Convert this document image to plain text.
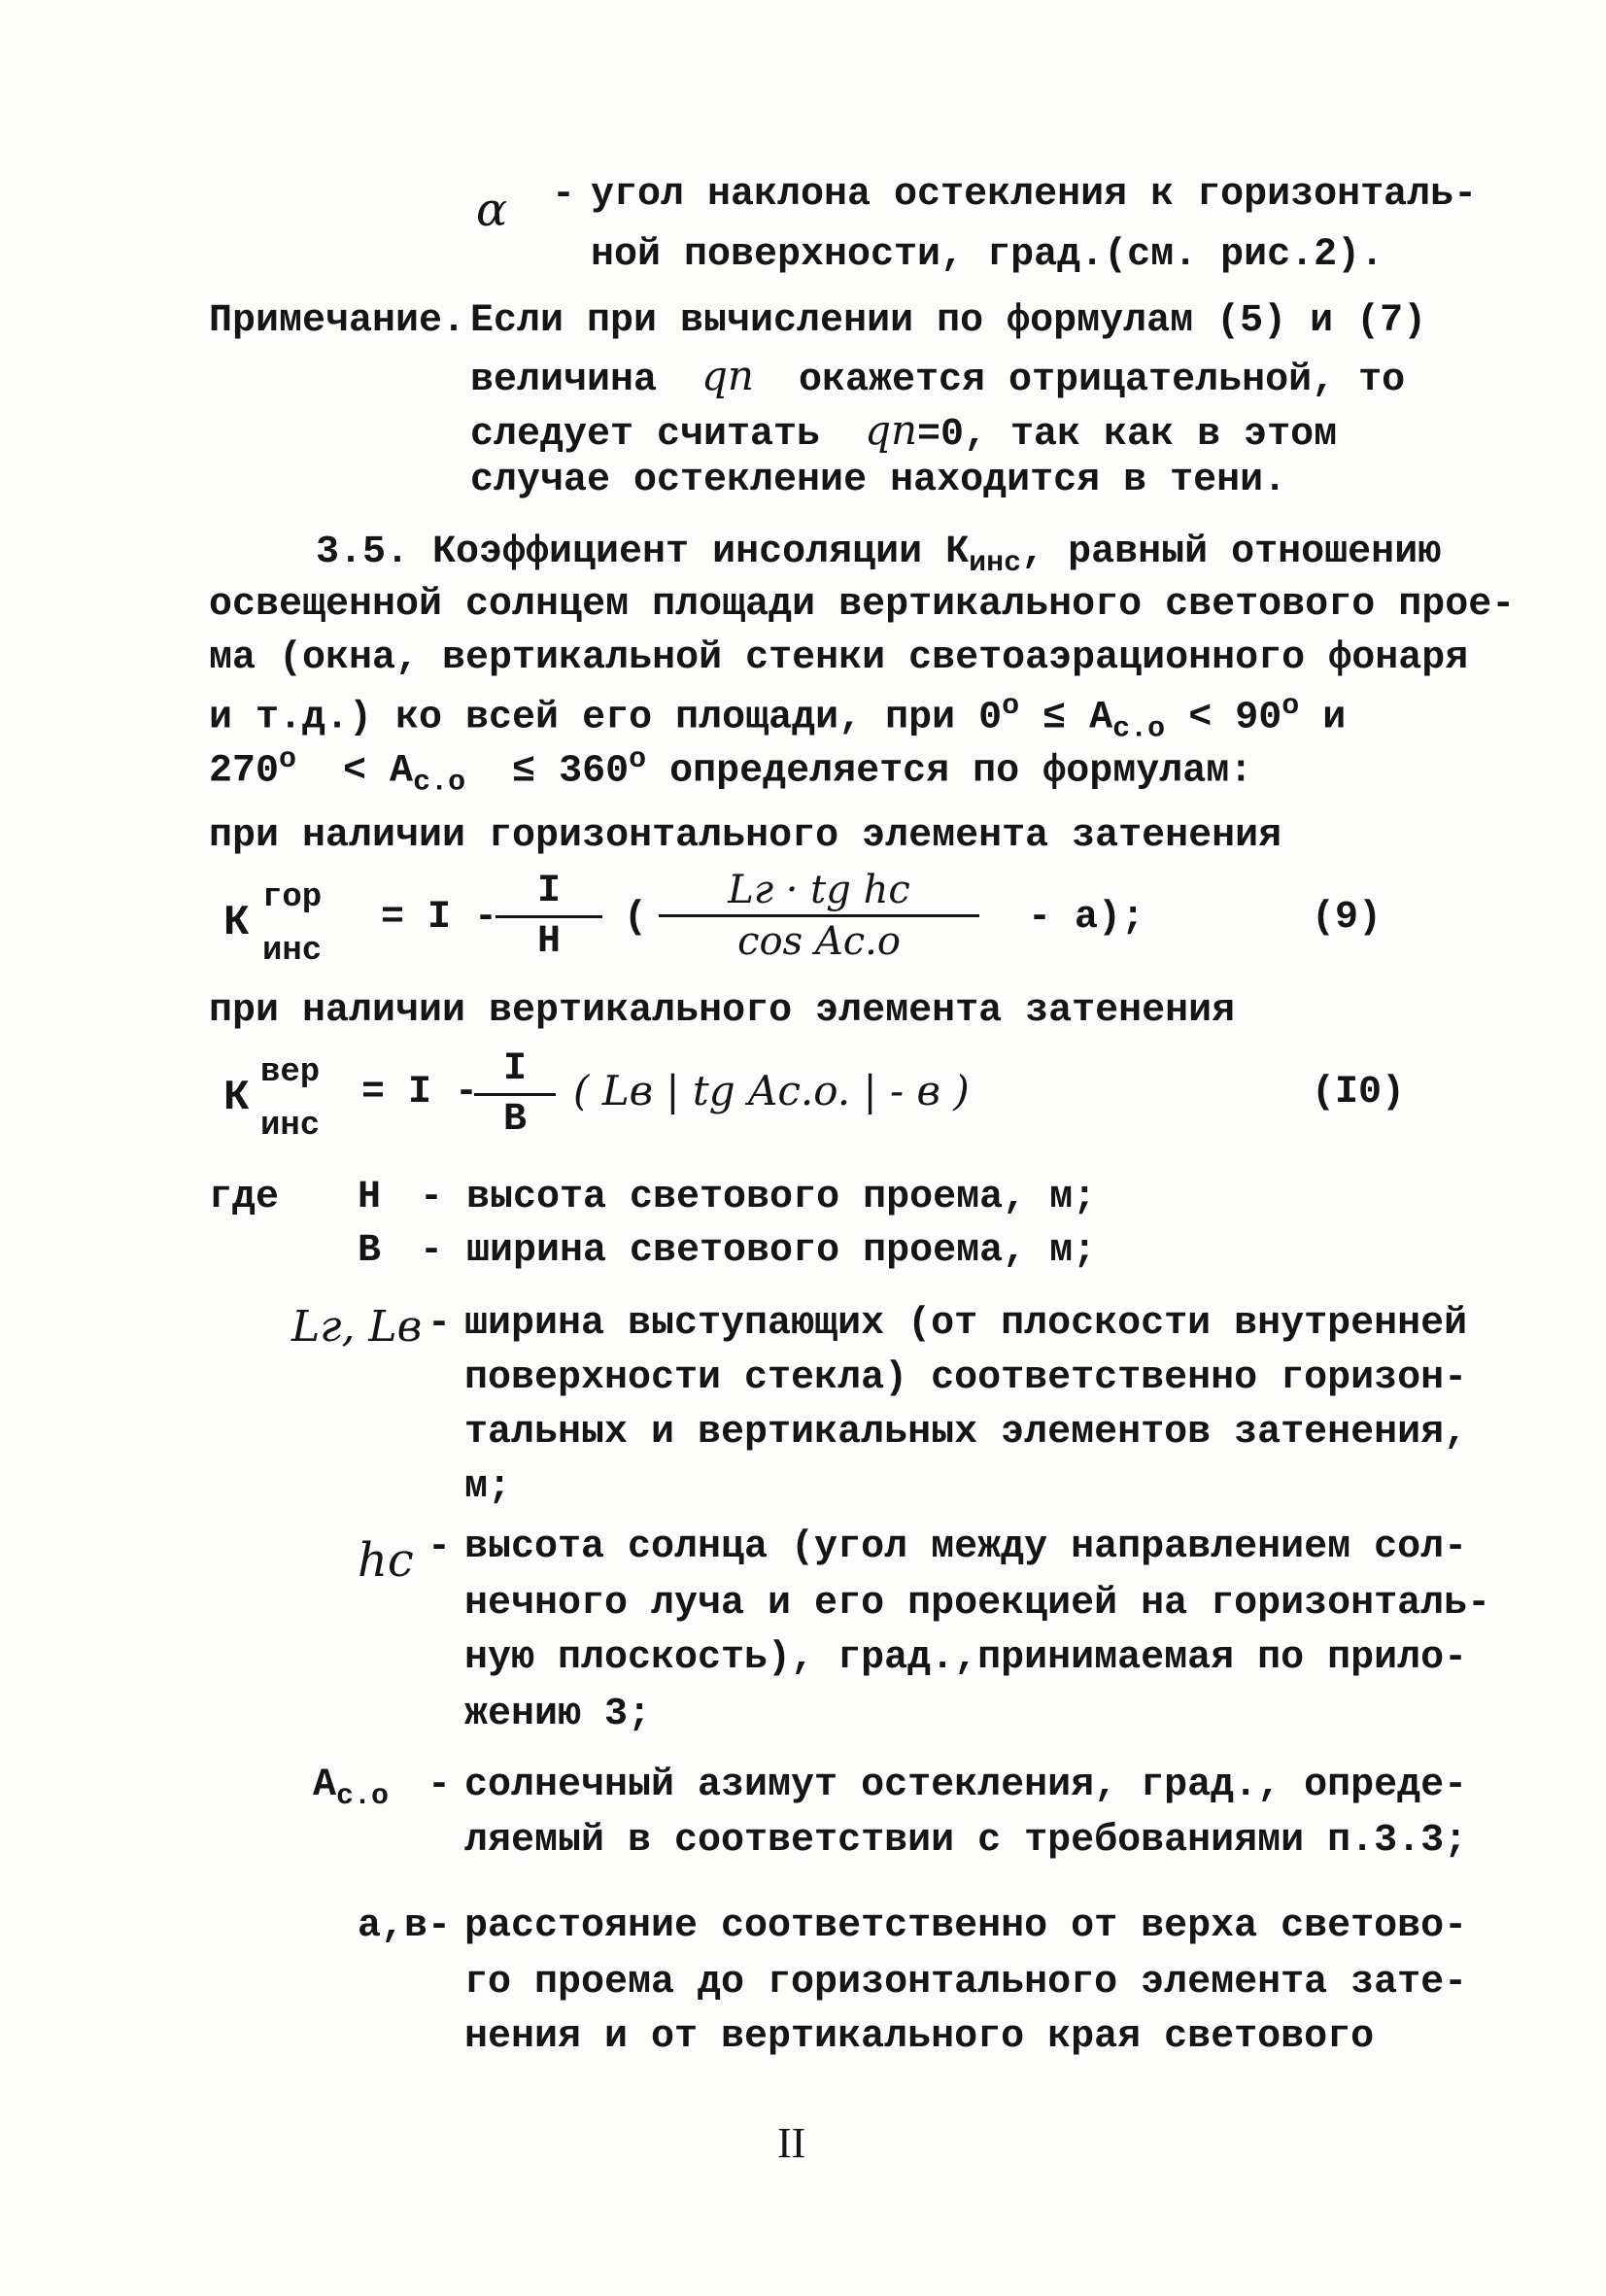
α - угол наклона остекления к горизонталь-
ной поверхности, град.(см. рис.2).
Примечание. Если при вычислении по формулам (5) и (7)
величина qп окажется отрицательной, то
следует считать qп=0, так как в этом
случае остекление находится в тени.
3.5. Коэффициент инсоляции $К_{инс}$, равный отношению
освещенной солнцем площади вертикального светового прое-
ма (окна, вертикальной стенки светоаэрационного фонаря
и т.д.) ко всей его площади, при $0^о \le А_{с.о} < 90^о$ и
$270^о < А_{с.о} \le 360^о$ определяется по формулам:
при наличии горизонтального элемента затенения
К
гор
инс
= I -
I
Н
(
Lг · tg hc
cos Ac.o
- а);	(9)
при наличии вертикального элемента затенения
К
вер
инс
= I -
I
В
( Lв | tg Ac.o. | - в )	(I0)
где Н - высота светового проема, м;
В - ширина светового проема, м;
Lг, Lв - ширина выступающих (от плоскости внутренней
поверхности стекла) соответственно горизон-
тальных и вертикальных элементов затенения,
м;
hc - высота солнца (угол между направлением сол-
нечного луча и его проекцией на горизонталь-
ную плоскость), град.,принимаемая по прило-
жению 3;
$А_{с.о}$ - солнечный азимут остекления, град., опреде-
ляемый в соответствии с требованиями п.3.3;
а,в- расстояние соответственно от верха светово-
го проема до горизонтального элемента зате-
нения и от вертикального края светового
II
